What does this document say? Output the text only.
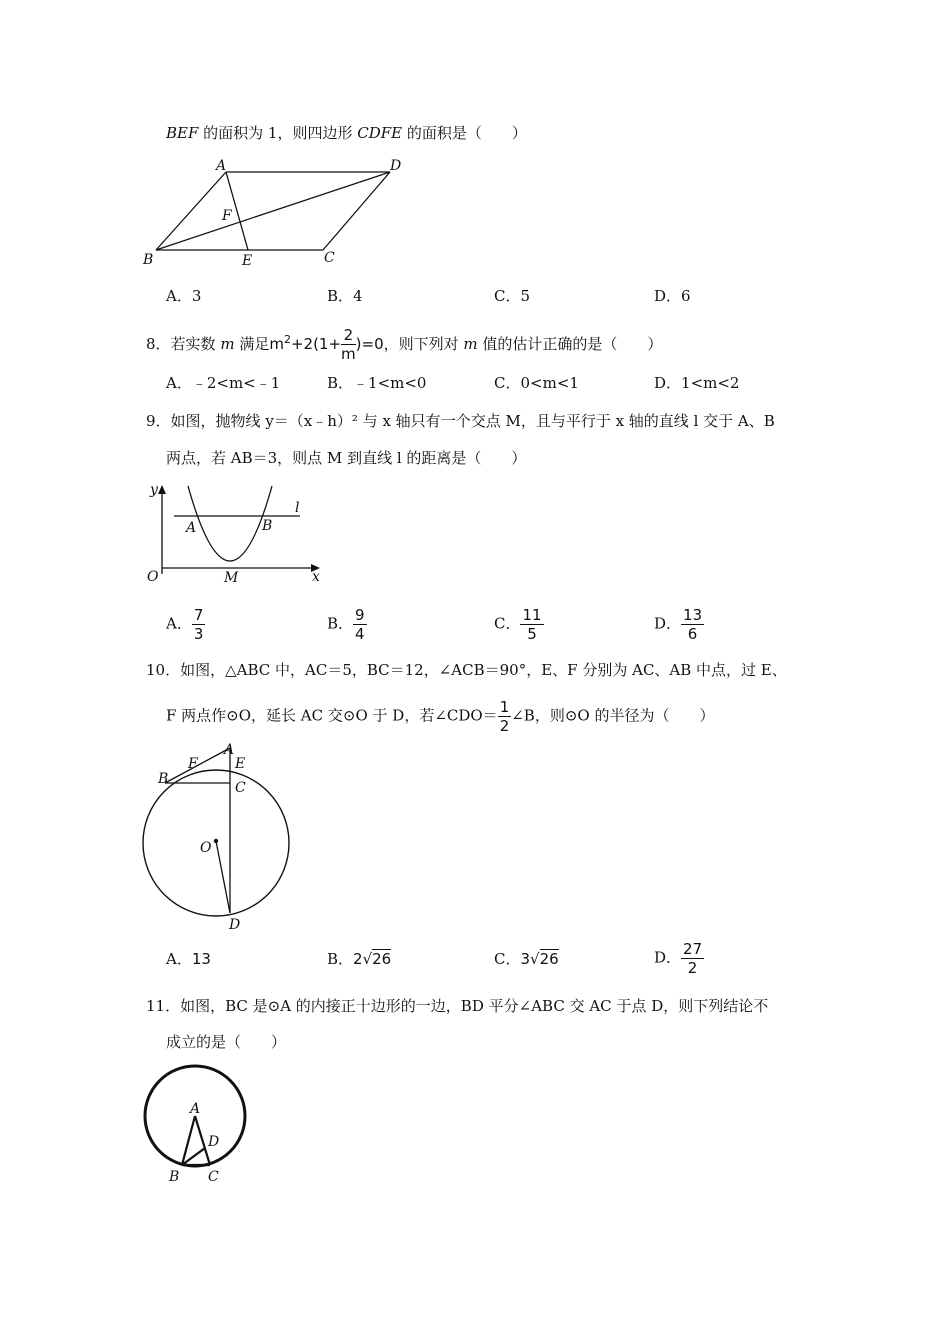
BEF 的面积为 1，则四边形 CDFE 的面积是（　　）
A	D
F
B	E	C
A．3	B．4	C．5	D．6
8．若实数 m 满足$m^2+2(1+ \frac{2}{m} )=0$，则下列对 m 值的估计正确的是（　　）
A．﹣2<m<﹣1	B．﹣1<m<0	C．0<m<1	D．1<m<2
9．如图，抛物线 y＝（x﹣h）² 与 x 轴只有一个交点 M，且与平行于 x 轴的直线 l 交于 A、B
两点，若 AB＝3，则点 M 到直线 l 的距离是（　　）
y
l
A	B
O	M	x
A． $\frac{7}{3}$	B． $\frac{9}{4}$	C． $\frac{11}{5}$	D． $\frac{13}{6}$
10．如图，△ABC 中，AC＝5，BC＝12，∠ACB＝90°，E、F 分别为 AC、AB 中点，过 E、
F 两点作⊙O，延长 AC 交⊙O 于 D，若∠CDO＝ $\frac{1}{2}$ ∠B，则⊙O 的半径为（　　）
A
F	E
B
C
O
D
A．13	B．2√26	C．3√26	D． $\frac{27}{2}$
11．如图，BC 是⊙A 的内接正十边形的一边，BD 平分∠ABC 交 AC 于点 D，则下列结论不
成立的是（　　）
A
D
B C
